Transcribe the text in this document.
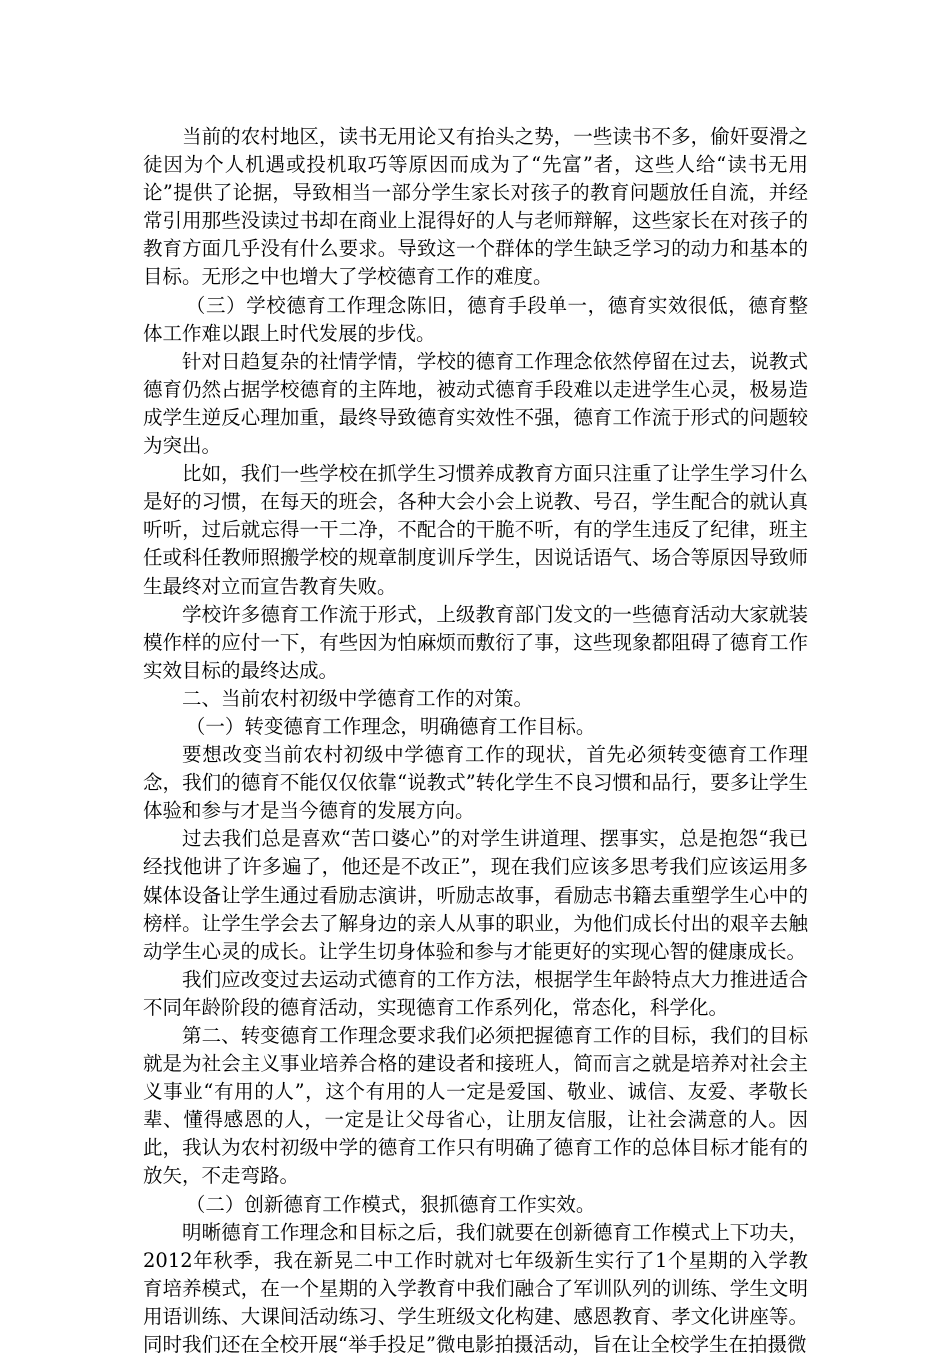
当前的农村地区，读书无用论又有抬头之势，一些读书不多，偷奸耍滑之徒因为个人机遇或投机取巧等原因而成为了“先富”者，这些人给“读书无用论”提供了论据，导致相当一部分学生家长对孩子的教育问题放任自流，并经常引用那些没读过书却在商业上混得好的人与老师辩解，这些家长在对孩子的教育方面几乎没有什么要求。导致这一个群体的学生缺乏学习的动力和基本的目标。无形之中也增大了学校德育工作的难度。

（三）学校德育工作理念陈旧，德育手段单一，德育实效很低，德育整体工作难以跟上时代发展的步伐。

针对日趋复杂的社情学情，学校的德育工作理念依然停留在过去，说教式德育仍然占据学校德育的主阵地，被动式德育手段难以走进学生心灵，极易造成学生逆反心理加重，最终导致德育实效性不强，德育工作流于形式的问题较为突出。

比如，我们一些学校在抓学生习惯养成教育方面只注重了让学生学习什么是好的习惯，在每天的班会，各种大会小会上说教、号召，学生配合的就认真听听，过后就忘得一干二净，不配合的干脆不听，有的学生违反了纪律，班主任或科任教师照搬学校的规章制度训斥学生，因说话语气、场合等原因导致师生最终对立而宣告教育失败。

学校许多德育工作流于形式，上级教育部门发文的一些德育活动大家就装模作样的应付一下，有些因为怕麻烦而敷衍了事，这些现象都阻碍了德育工作实效目标的最终达成。

二、当前农村初级中学德育工作的对策。

（一）转变德育工作理念，明确德育工作目标。

要想改变当前农村初级中学德育工作的现状，首先必须转变德育工作理念，我们的德育不能仅仅依靠“说教式”转化学生不良习惯和品行，要多让学生体验和参与才是当今德育的发展方向。

过去我们总是喜欢“苦口婆心”的对学生讲道理、摆事实，总是抱怨“我已经找他讲了许多遍了，他还是不改正”，现在我们应该多思考我们应该运用多媒体设备让学生通过看励志演讲，听励志故事，看励志书籍去重塑学生心中的榜样。让学生学会去了解身边的亲人从事的职业，为他们成长付出的艰辛去触动学生心灵的成长。让学生切身体验和参与才能更好的实现心智的健康成长。

我们应改变过去运动式德育的工作方法，根据学生年龄特点大力推进适合不同年龄阶段的德育活动，实现德育工作系列化，常态化，科学化。

第二、转变德育工作理念要求我们必须把握德育工作的目标，我们的目标就是为社会主义事业培养合格的建设者和接班人，简而言之就是培养对社会主义事业“有用的人”，这个有用的人一定是爱国、敬业、诚信、友爱、孝敬长辈、懂得感恩的人，一定是让父母省心，让朋友信服，让社会满意的人。因此，我认为农村初级中学的德育工作只有明确了德育工作的总体目标才能有的放矢，不走弯路。

（二）创新德育工作模式，狠抓德育工作实效。

明晰德育工作理念和目标之后，我们就要在创新德育工作模式上下功夫，2012年秋季，我在新晃二中工作时就对七年级新生实行了1个星期的入学教育培养模式，在一个星期的入学教育中我们融合了军训队列的训练、学生文明用语训练、大课间活动练习、学生班级文化构建、感恩教育、孝文化讲座等。同时我们还在全校开展“举手投足”微电影拍摄活动，旨在让全校学生在拍摄微
